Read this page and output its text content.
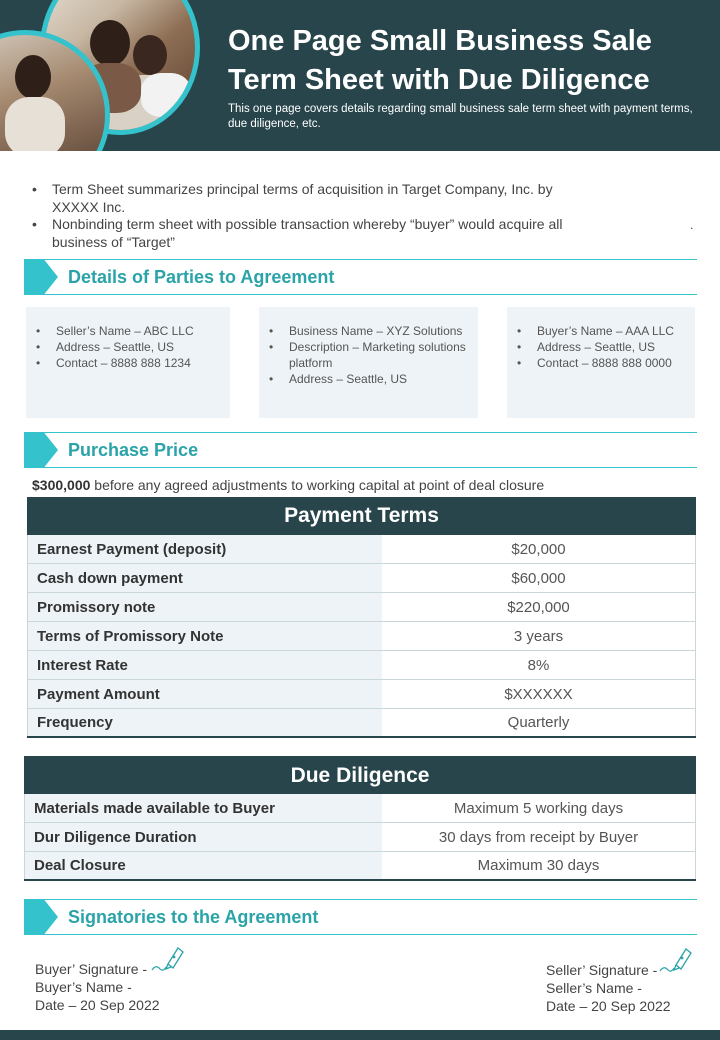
One Page Small Business Sale Term Sheet with Due Diligence
This one page covers details regarding small business sale term sheet with payment terms, due diligence, etc.
• Term Sheet summarizes principal terms of acquisition in Target Company, Inc. by XXXXX Inc.
• Nonbinding term sheet with possible transaction whereby “buyer” would acquire all business of “Target”
.
Details of Parties to Agreement
• Seller’s Name – ABC LLC
• Address – Seattle, US
• Contact – 8888 888 1234
• Business Name – XYZ Solutions
• Description – Marketing solutions platform
• Address – Seattle, US
• Buyer’s Name – AAA LLC
• Address – Seattle, US
• Contact – 8888 888 0000
Purchase Price
$300,000 before any agreed adjustments to working capital at point of deal closure
Payment Terms
Earnest Payment (deposit)	$20,000
Cash down payment	$60,000
Promissory note	$220,000
Terms of Promissory Note	3 years
Interest Rate	8%
Payment Amount	$XXXXXX
Frequency	Quarterly
Due Diligence
Materials made available to Buyer	Maximum 5 working days
Dur Diligence Duration	30 days from receipt by Buyer
Deal Closure	Maximum 30 days
Signatories to the Agreement
Buyer’ Signature -
Buyer’s Name -
Date – 20 Sep 2022
Seller’ Signature -
Seller’s Name -
Date – 20 Sep 2022
